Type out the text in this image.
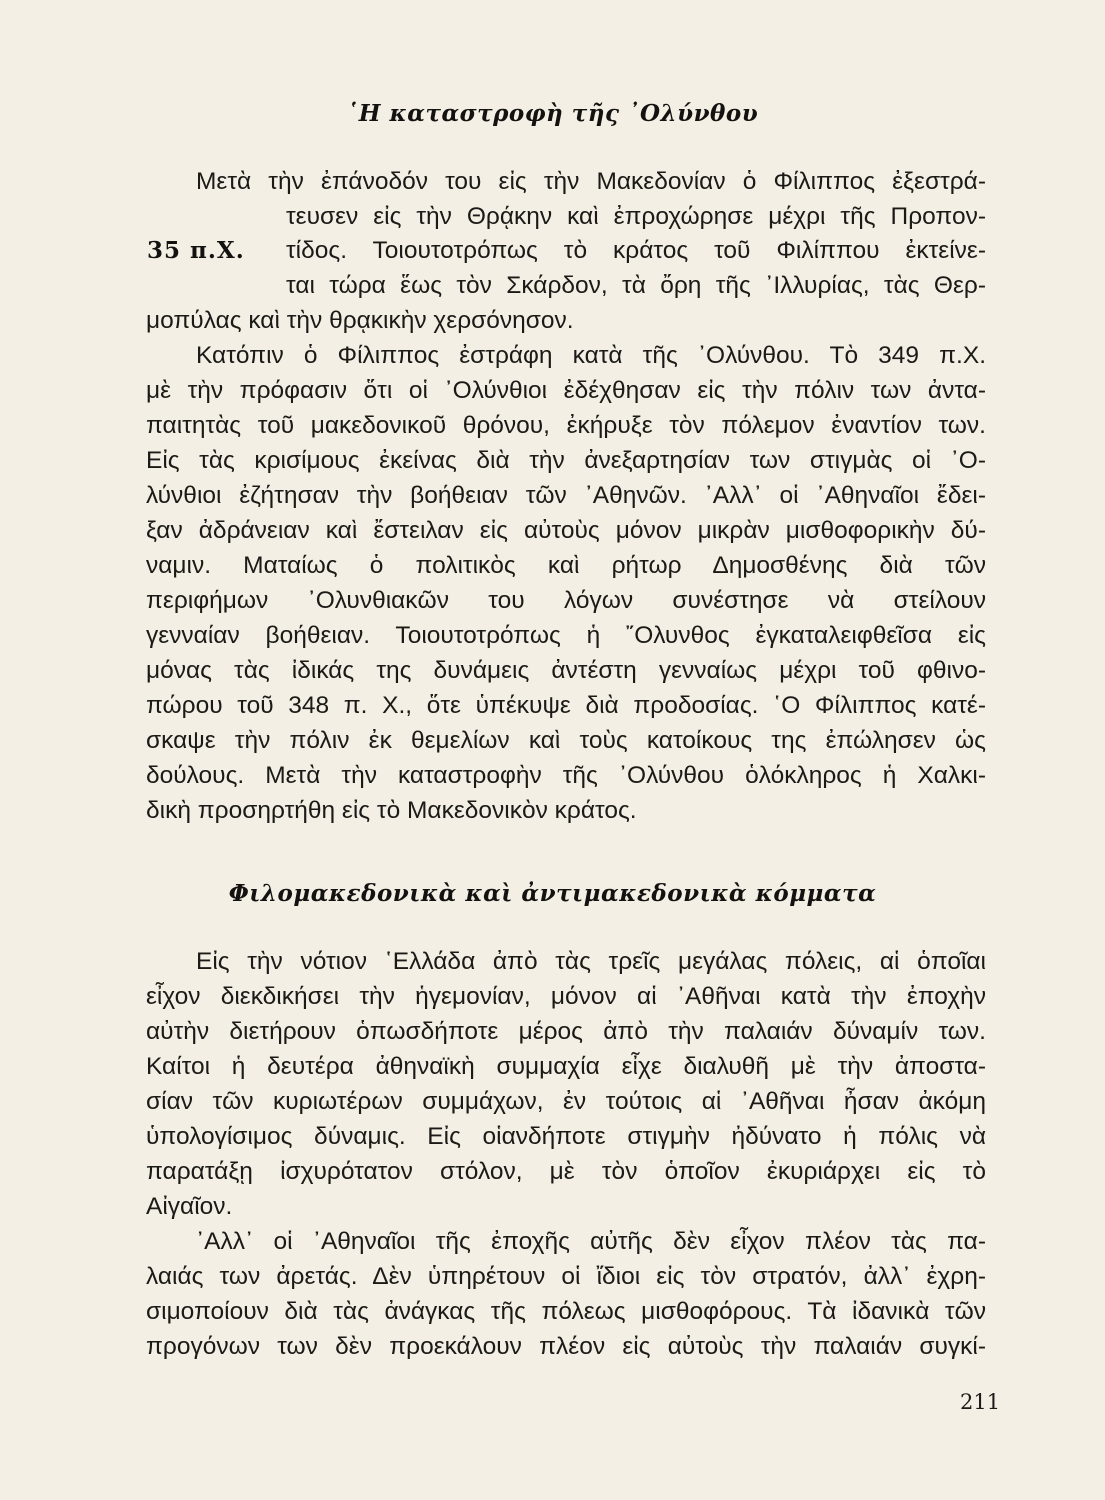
῾Η καταστροφὴ τῆς ᾿Ολύνθου
35 π.Χ.
Μετὰ τὴν ἐπάνοδόν του εἰς τὴν Μακεδονίαν ὁ Φίλιππος ἐξεστρά-
τευσεν εἰς τὴν Θρᾴκην καὶ ἐπροχώρησε μέχρι τῆς Προπον-
τίδος. Τοιουτοτρόπως τὸ κράτος τοῦ Φιλίππου ἐκτείνε-
ται τώρα ἕως τὸν Σκάρδον, τὰ ὄρη τῆς ᾿Ιλλυρίας, τὰς Θερ-
μοπύλας καὶ τὴν θρᾳκικὴν χερσόνησον.
Κατόπιν ὁ Φίλιππος ἐστράφη κατὰ τῆς ᾿Ολύνθου. Τὸ 349 π.Χ.
μὲ τὴν πρόφασιν ὅτι οἱ ᾿Ολύνθιοι ἐδέχθησαν εἰς τὴν πόλιν των ἀντα-
παιτητὰς τοῦ μακεδονικοῦ θρόνου, ἐκήρυξε τὸν πόλεμον ἐναντίον των.
Εἰς τὰς κρισίμους ἐκείνας διὰ τὴν ἀνεξαρτησίαν των στιγμὰς οἱ ᾿Ο-
λύνθιοι ἐζήτησαν τὴν βοήθειαν τῶν ᾿Αθηνῶν. ᾿Αλλ᾿ οἱ ᾿Αθηναῖοι ἔδει-
ξαν ἀδράνειαν καὶ ἔστειλαν εἰς αὐτοὺς μόνον μικρὰν μισθοφορικὴν δύ-
ναμιν. Ματαίως ὁ πολιτικὸς καὶ ρήτωρ Δημοσθένης διὰ τῶν
περιφήμων ᾿Ολυνθιακῶν του λόγων συνέστησε νὰ στείλουν
γενναίαν βοήθειαν. Τοιουτοτρόπως ἡ ῎Ολυνθος ἐγκαταλειφθεῖσα εἰς
μόνας τὰς ἰδικάς της δυνάμεις ἀντέστη γενναίως μέχρι τοῦ φθινο-
πώρου τοῦ 348 π. Χ., ὅτε ὑπέκυψε διὰ προδοσίας. ῾Ο Φίλιππος κατέ-
σκαψε τὴν πόλιν ἐκ θεμελίων καὶ τοὺς κατοίκους της ἐπώλησεν ὡς
δούλους. Μετὰ τὴν καταστροφὴν τῆς ᾿Ολύνθου ὁλόκληρος ἡ Χαλκι-
δικὴ προσηρτήθη εἰς τὸ Μακεδονικὸν κράτος.
Φιλομακεδονικὰ καὶ ἀντιμακεδονικὰ κόμματα
Εἰς τὴν νότιον ῾Ελλάδα ἀπὸ τὰς τρεῖς μεγάλας πόλεις, αἱ ὁποῖαι
εἶχον διεκδικήσει τὴν ἡγεμονίαν, μόνον αἱ ᾿Αθῆναι κατὰ τὴν ἐποχὴν
αὐτὴν διετήρουν ὁπωσδήποτε μέρος ἀπὸ τὴν παλαιάν δύναμίν των.
Καίτοι ἡ δευτέρα ἀθηναϊκὴ συμμαχία εἶχε διαλυθῆ μὲ τὴν ἀποστα-
σίαν τῶν κυριωτέρων συμμάχων, ἐν τούτοις αἱ ᾿Αθῆναι ἦσαν ἀκόμη
ὑπολογίσιμος δύναμις. Εἰς οἱανδήποτε στιγμὴν ἠδύνατο ἡ πόλις νὰ
παρατάξῃ ἰσχυρότατον στόλον, μὲ τὸν ὁποῖον ἐκυριάρχει εἰς τὸ
Αἰγαῖον.
᾿Αλλ᾿ οἱ ᾿Αθηναῖοι τῆς ἐποχῆς αὐτῆς δὲν εἶχον πλέον τὰς πα-
λαιάς των ἀρετάς. Δὲν ὑπηρέτουν οἱ ἴδιοι εἰς τὸν στρατόν, ἀλλ᾿ ἐχρη-
σιμοποίουν διὰ τὰς ἀνάγκας τῆς πόλεως μισθοφόρους. Τὰ ἰδανικὰ τῶν
προγόνων των δὲν προεκάλουν πλέον εἰς αὐτοὺς τὴν παλαιάν συγκί-
211
